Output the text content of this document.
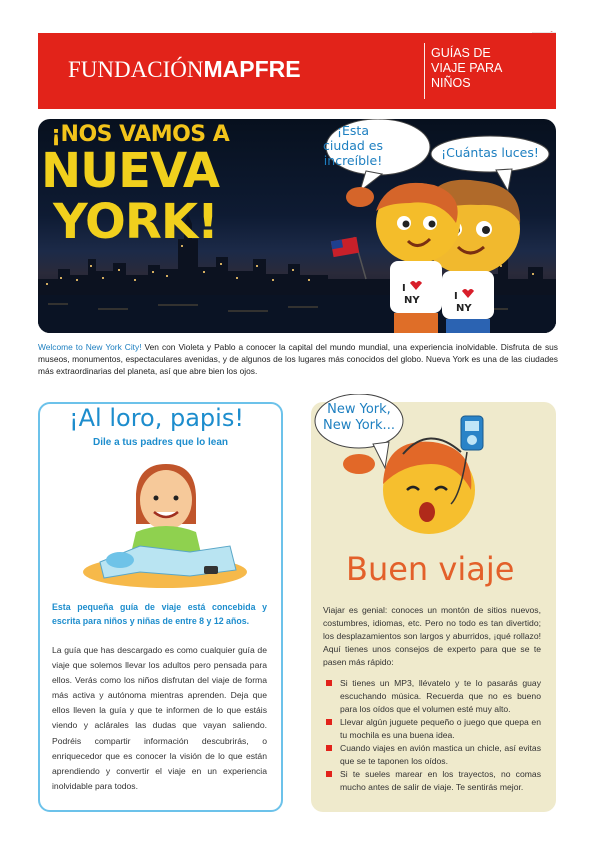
FUNDACIÓNMAPFRE
GUÍAS DE
VIAJE PARA
NIÑOS
I
NY	I
NY
¡Esta
ciudad es
increíble!
¡Cuántas luces!
¡NOS VAMOS A
NUEVA
YORK!
Welcome to New York City! Ven con Violeta y Pablo a conocer la capital del mundo mundial, una experiencia inolvidable. Disfruta de sus museos, monumentos, espectaculares avenidas, y de algunos de los lugares más conocidos del globo. Nueva York es una de las ciudades más extraordinarias del planeta, así que abre bien los ojos.
¡Al loro, papis!
Dile a tus padres que lo lean
Esta pequeña guía de viaje está concebida y escrita para niños y niñas de entre 8 y 12 años.
La guía que has descargado es como cualquier guía de viaje que solemos llevar los adultos pero pensada para ellos. Verás como los niños disfrutan del viaje de forma más activa y autónoma mientras aprenden. Deja que ellos lleven la guía y que te informen de lo que estáis viendo y aclárales las dudas que vayan saliendo. Podréis compartir información descubrirás, o enriquecedor que es conocer la visión de lo que están aprendiendo y convertir el viaje en un experiencia inolvidable para todos.
New York,
New York...
Buen viaje
Viajar es genial: conoces un montón de sitios nuevos, costumbres, idiomas, etc. Pero no todo es tan divertido; los desplazamientos son largos y aburridos, ¡qué rollazo! Aquí tienes unos consejos de experto para que se te pasen más rápido:
Si tienes un MP3, llévatelo y te lo pasarás guay escuchando música. Recuerda que no es bueno para los oídos que el volumen esté muy alto.
Llevar algún juguete pequeño o juego que quepa en tu mochila es una buena idea.
Cuando viajes en avión mastica un chicle, así evitas que se te taponen los oídos.
Si te sueles marear en los trayectos, no comas mucho antes de salir de viaje. Te sentirás mejor.
